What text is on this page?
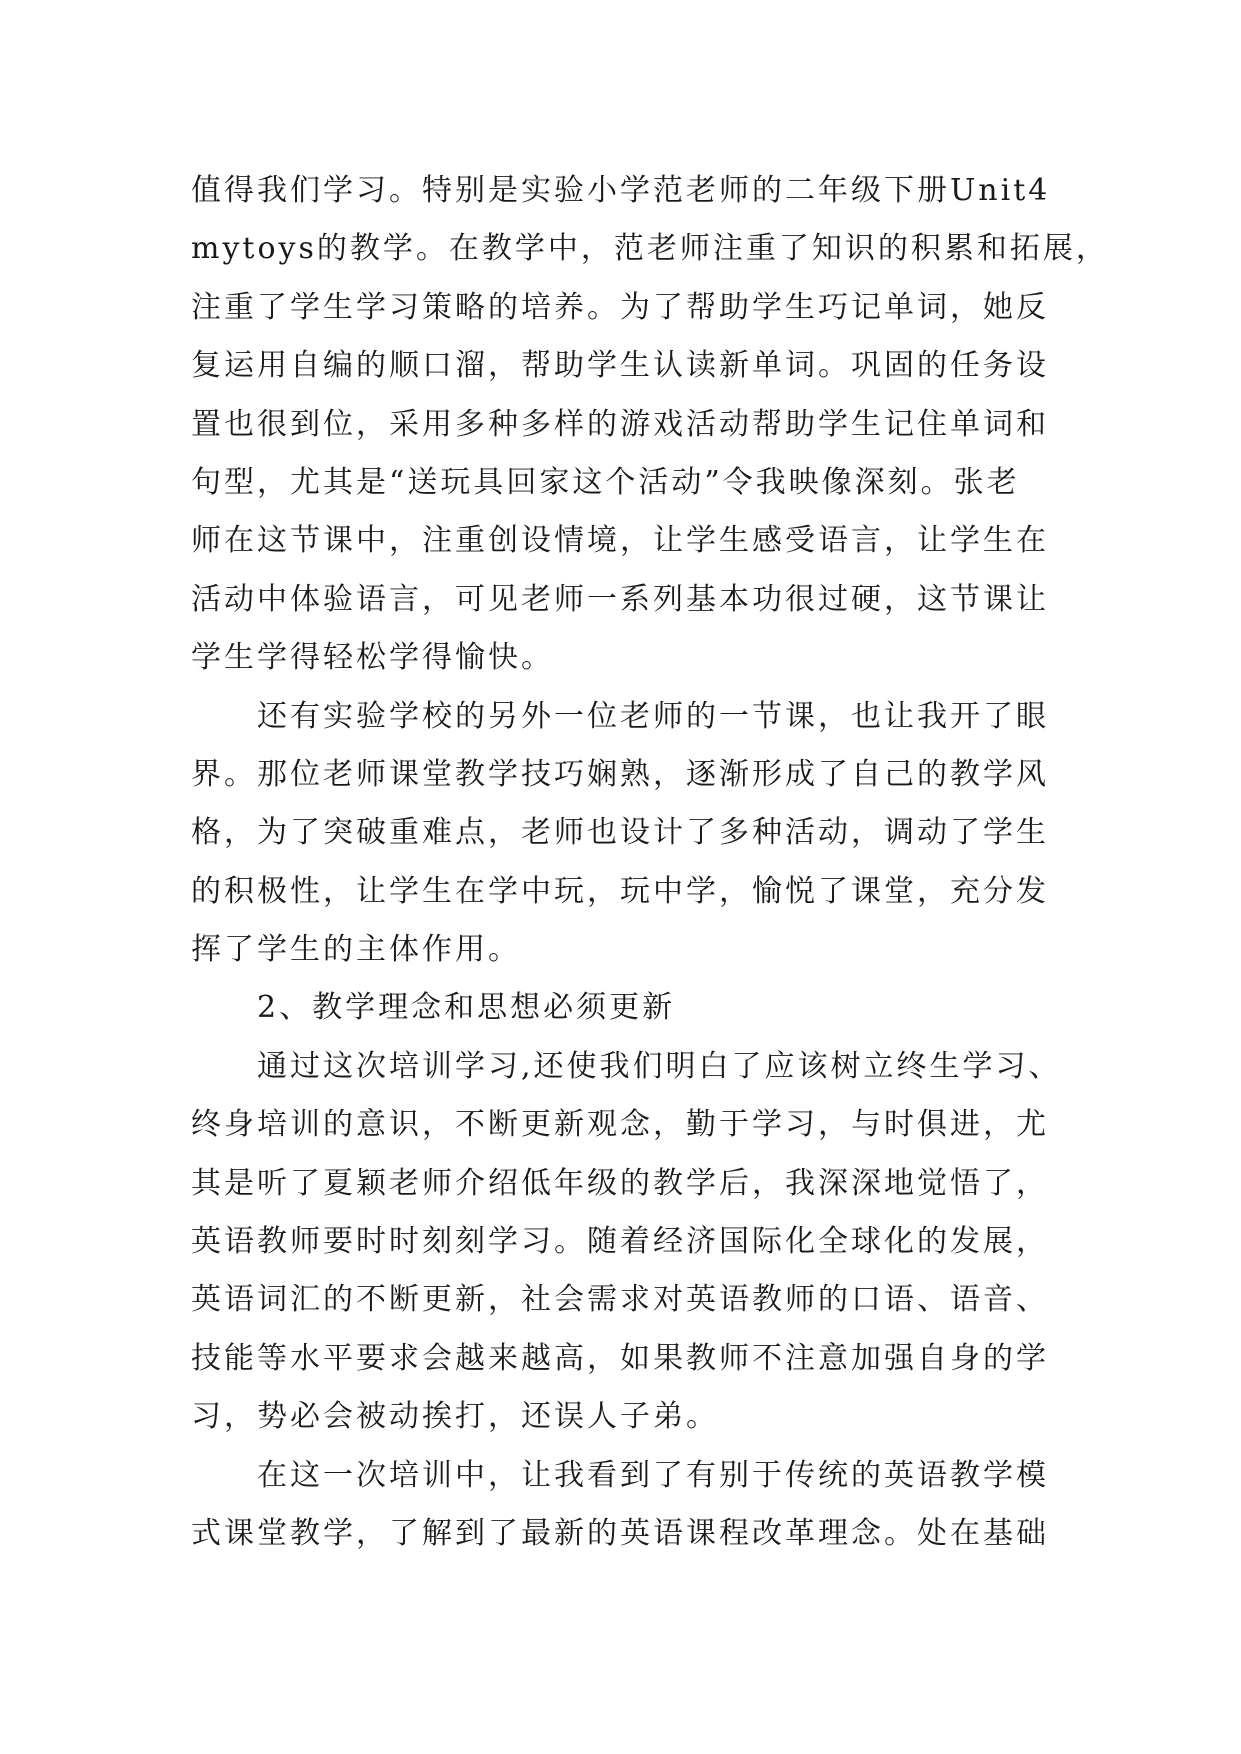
值得我们学习。特别是实验小学范老师的二年级下册Unit4
mytoys的教学。在教学中，范老师注重了知识的积累和拓展，
注重了学生学习策略的培养。为了帮助学生巧记单词，她反
复运用自编的顺口溜，帮助学生认读新单词。巩固的任务设
置也很到位，采用多种多样的游戏活动帮助学生记住单词和
句型，尤其是“送玩具回家这个活动”令我映像深刻。张老
师在这节课中，注重创设情境，让学生感受语言，让学生在
活动中体验语言，可见老师一系列基本功很过硬，这节课让
学生学得轻松学得愉快。
还有实验学校的另外一位老师的一节课，也让我开了眼
界。那位老师课堂教学技巧娴熟，逐渐形成了自己的教学风
格，为了突破重难点，老师也设计了多种活动，调动了学生
的积极性，让学生在学中玩，玩中学，愉悦了课堂，充分发
挥了学生的主体作用。
2、教学理念和思想必须更新
通过这次培训学习,还使我们明白了应该树立终生学习、
终身培训的意识，不断更新观念，勤于学习，与时俱进，尤
其是听了夏颖老师介绍低年级的教学后，我深深地觉悟了，
英语教师要时时刻刻学习。随着经济国际化全球化的发展，
英语词汇的不断更新，社会需求对英语教师的口语、语音、
技能等水平要求会越来越高，如果教师不注意加强自身的学
习，势必会被动挨打，还误人子弟。
在这一次培训中，让我看到了有别于传统的英语教学模
式课堂教学，了解到了最新的英语课程改革理念。处在基础
